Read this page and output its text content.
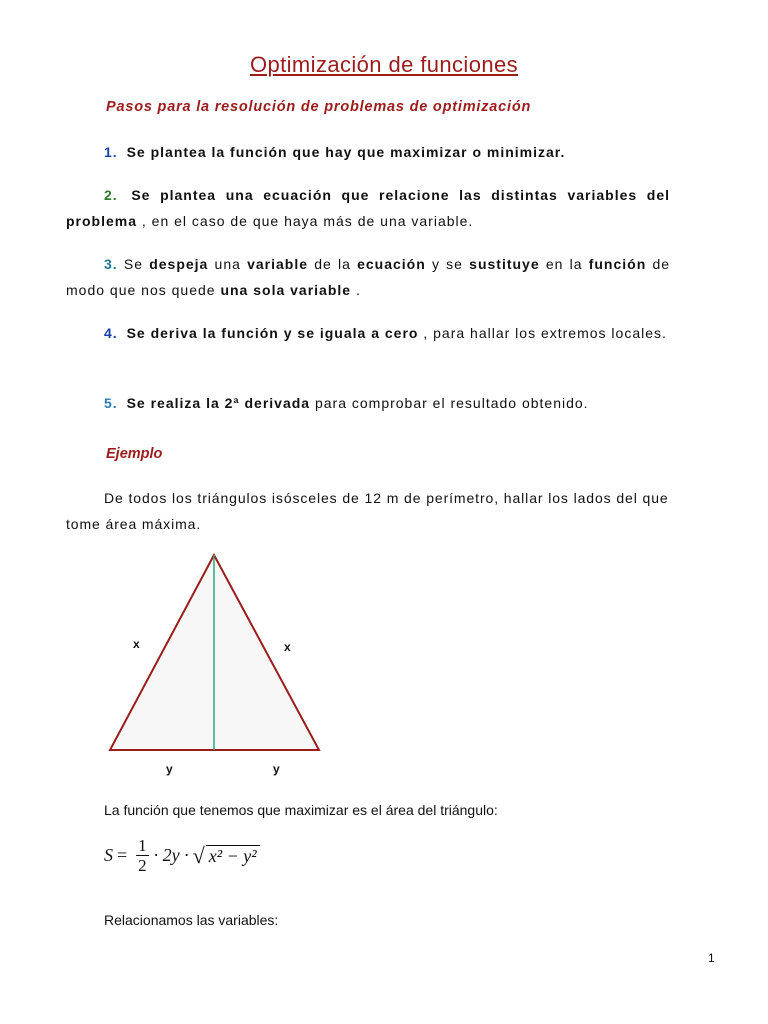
Optimización de funciones
Pasos para la resolución de problemas de optimización
1. Se plantea la función que hay que maximizar o minimizar.
2. Se plantea una ecuación que relacione las distintas variables del problema , en el caso de que haya más de una variable.
3. Se despeja una variable de la ecuación y se sustituye en la función de modo que nos quede una sola variable .
4. Se deriva la función y se iguala a cero , para hallar los extremos locales.
5. Se realiza la 2ª derivada para comprobar el resultado obtenido.
Ejemplo
De todos los triángulos isósceles de 12 m de perímetro, hallar los lados del que tome área máxima.
x	x
y	y
La función que tenemos que maximizar es el área del triángulo:
$S = \frac{1}{2} \cdot 2y$ · √ x² − y²
Relacionamos las variables:
1
